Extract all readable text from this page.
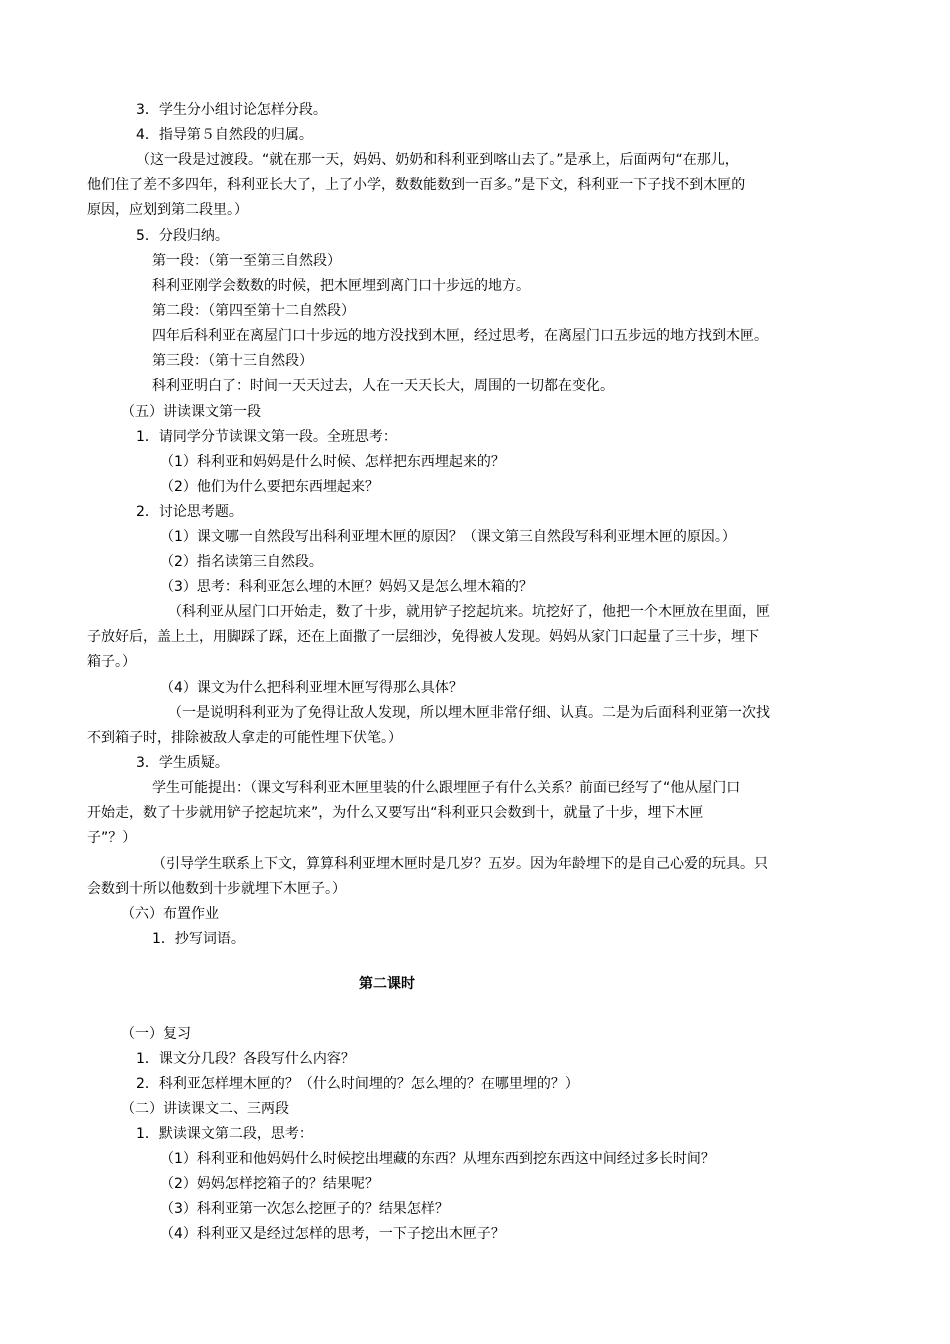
3．学生分小组讨论怎样分段。
4．指导第５自然段的归属。
（这一段是过渡段。“就在那一天，妈妈、奶奶和科利亚到喀山去了。”是承上，后面两句“在那儿，
他们住了差不多四年，科利亚长大了，上了小学，数数能数到一百多。”是下文，科利亚一下子找不到木匣的
原因，应划到第二段里。）
5．分段归纳。
第一段：（第一至第三自然段）
科利亚刚学会数数的时候，把木匣埋到离门口十步远的地方。
第二段：（第四至第十二自然段）
四年后科利亚在离屋门口十步远的地方没找到木匣，经过思考，在离屋门口五步远的地方找到木匣。
第三段：（第十三自然段）
科利亚明白了：时间一天天过去，人在一天天长大，周围的一切都在变化。
（五）讲读课文第一段
1．请同学分节读课文第一段。全班思考：
（1）科利亚和妈妈是什么时候、怎样把东西埋起来的？
（2）他们为什么要把东西埋起来？
2．讨论思考题。
（1）课文哪一自然段写出科利亚埋木匣的原因？（课文第三自然段写科利亚埋木匣的原因。）
（2）指名读第三自然段。
（3）思考：科利亚怎么埋的木匣？妈妈又是怎么埋木箱的？
（科利亚从屋门口开始走，数了十步，就用铲子挖起坑来。坑挖好了，他把一个木匣放在里面，匣
子放好后，盖上土，用脚踩了踩，还在上面撒了一层细沙，免得被人发现。妈妈从家门口起量了三十步，埋下
箱子。）
（4）课文为什么把科利亚埋木匣写得那么具体？
（一是说明科利亚为了免得让敌人发现，所以埋木匣非常仔细、认真。二是为后面科利亚第一次找
不到箱子时，排除被敌人拿走的可能性埋下伏笔。）
3．学生质疑。
学生可能提出：（课文写科利亚木匣里装的什么跟埋匣子有什么关系？前面已经写了“他从屋门口
开始走，数了十步就用铲子挖起坑来”，为什么又要写出“科利亚只会数到十，就量了十步，埋下木匣
子”？）
（引导学生联系上下文，算算科利亚埋木匣时是几岁？五岁。因为年龄埋下的是自己心爱的玩具。只
会数到十所以他数到十步就埋下木匣子。）
（六）布置作业
1．抄写词语。
第二课时
（一）复习
1．课文分几段？各段写什么内容？
2．科利亚怎样埋木匣的？（什么时间埋的？怎么埋的？在哪里埋的？）
（二）讲读课文二、三两段
1．默读课文第二段，思考：
（1）科利亚和他妈妈什么时候挖出埋藏的东西？从埋东西到挖东西这中间经过多长时间？
（2）妈妈怎样挖箱子的？结果呢？
（3）科利亚第一次怎么挖匣子的？结果怎样？
（4）科利亚又是经过怎样的思考，一下子挖出木匣子？
